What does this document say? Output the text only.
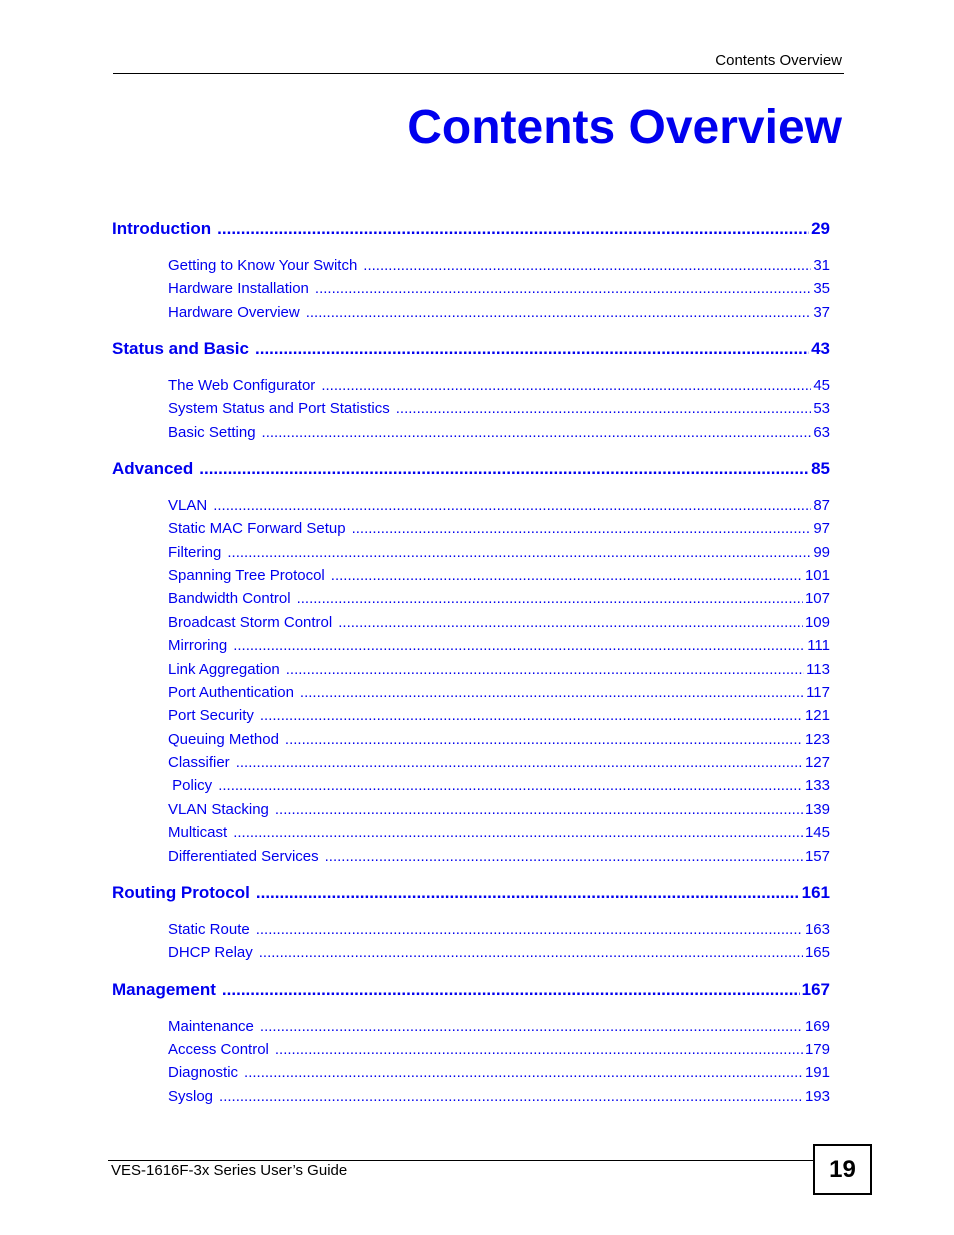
Contents Overview
Contents Overview
Introduction .....	29
Getting to Know Your Switch .....	31
Hardware Installation .....	35
Hardware Overview .....	37
Status and Basic .....	43
The Web Configurator .....	45
System Status and Port Statistics .....	53
Basic Setting .....	63
Advanced .....	85
VLAN .....	87
Static MAC Forward Setup .....	97
Filtering .....	99
Spanning Tree Protocol .....	101
Bandwidth Control .....	107
Broadcast Storm Control .....	109
Mirroring .....	111
Link Aggregation .....	113
Port Authentication .....	117
Port Security .....	121
Queuing Method .....	123
Classifier .....	127
Policy .....	133
VLAN Stacking .....	139
Multicast .....	145
Differentiated Services .....	157
Routing Protocol .....	161
Static Route .....	163
DHCP Relay .....	165
Management .....	167
Maintenance .....	169
Access Control .....	179
Diagnostic .....	191
Syslog .....	193
VES-1616F-3x Series User’s Guide	19
